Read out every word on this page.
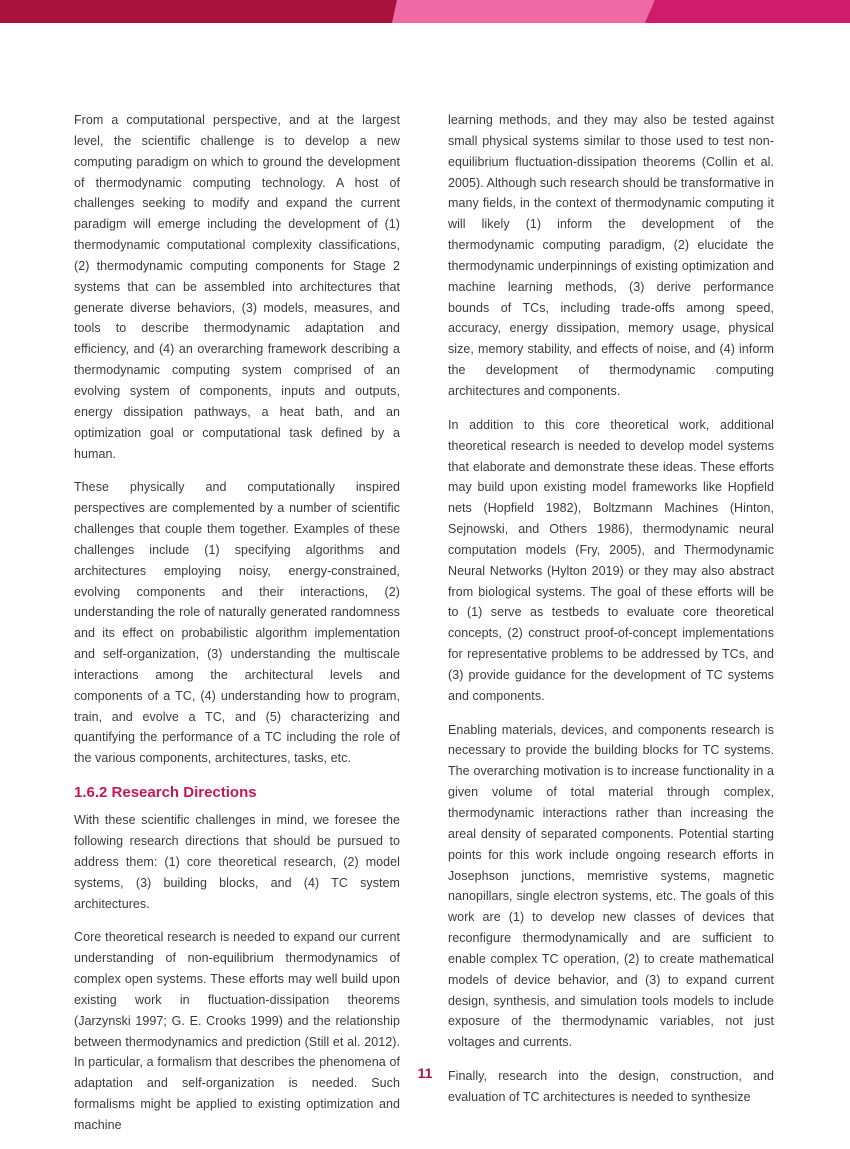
From a computational perspective, and at the largest level, the scientific challenge is to develop a new computing paradigm on which to ground the development of thermodynamic computing technology. A host of challenges seeking to modify and expand the current paradigm will emerge including the development of (1) thermodynamic computational complexity classifications, (2) thermodynamic computing components for Stage 2 systems that can be assembled into architectures that generate diverse behaviors, (3) models, measures, and tools to describe thermodynamic adaptation and efficiency, and (4) an overarching framework describing a thermodynamic computing system comprised of an evolving system of components, inputs and outputs, energy dissipation pathways, a heat bath, and an optimization goal or computational task defined by a human.

These physically and computationally inspired perspectives are complemented by a number of scientific challenges that couple them together. Examples of these challenges include (1) specifying algorithms and architectures employing noisy, energy-constrained, evolving components and their interactions, (2) understanding the role of naturally generated randomness and its effect on probabilistic algorithm implementation and self-organization, (3) understanding the multiscale interactions among the architectural levels and components of a TC, (4) understanding how to program, train, and evolve a TC, and (5) characterizing and quantifying the performance of a TC including the role of the various components, architectures, tasks, etc.

1.6.2 Research Directions

With these scientific challenges in mind, we foresee the following research directions that should be pursued to address them: (1) core theoretical research, (2) model systems, (3) building blocks, and (4) TC system architectures.

Core theoretical research is needed to expand our current understanding of non-equilibrium thermodynamics of complex open systems. These efforts may well build upon existing work in fluctuation-dissipation theorems (Jarzynski 1997; G. E. Crooks 1999) and the relationship between thermodynamics and prediction (Still et al. 2012). In particular, a formalism that describes the phenomena of adaptation and self-organization is needed. Such formalisms might be applied to existing optimization and machine

learning methods, and they may also be tested against small physical systems similar to those used to test non-equilibrium fluctuation-dissipation theorems (Collin et al. 2005). Although such research should be transformative in many fields, in the context of thermodynamic computing it will likely (1) inform the development of the thermodynamic computing paradigm, (2) elucidate the thermodynamic underpinnings of existing optimization and machine learning methods, (3) derive performance bounds of TCs, including trade-offs among speed, accuracy, energy dissipation, memory usage, physical size, memory stability, and effects of noise, and (4) inform the development of thermodynamic computing architectures and components.

In addition to this core theoretical work, additional theoretical research is needed to develop model systems that elaborate and demonstrate these ideas. These efforts may build upon existing model frameworks like Hopfield nets (Hopfield 1982), Boltzmann Machines (Hinton, Sejnowski, and Others 1986), thermodynamic neural computation models (Fry, 2005), and Thermodynamic Neural Networks (Hylton 2019) or they may also abstract from biological systems. The goal of these efforts will be to (1) serve as testbeds to evaluate core theoretical concepts, (2) construct proof-of-concept implementations for representative problems to be addressed by TCs, and (3) provide guidance for the development of TC systems and components.

Enabling materials, devices, and components research is necessary to provide the building blocks for TC systems. The overarching motivation is to increase functionality in a given volume of total material through complex, thermodynamic interactions rather than increasing the areal density of separated components. Potential starting points for this work include ongoing research efforts in Josephson junctions, memristive systems, magnetic nanopillars, single electron systems, etc. The goals of this work are (1) to develop new classes of devices that reconfigure thermodynamically and are sufficient to enable complex TC operation, (2) to create mathematical models of device behavior, and (3) to expand current design, synthesis, and simulation tools models to include exposure of the thermodynamic variables, not just voltages and currents.

Finally, research into the design, construction, and evaluation of TC architectures is needed to synthesize

11
